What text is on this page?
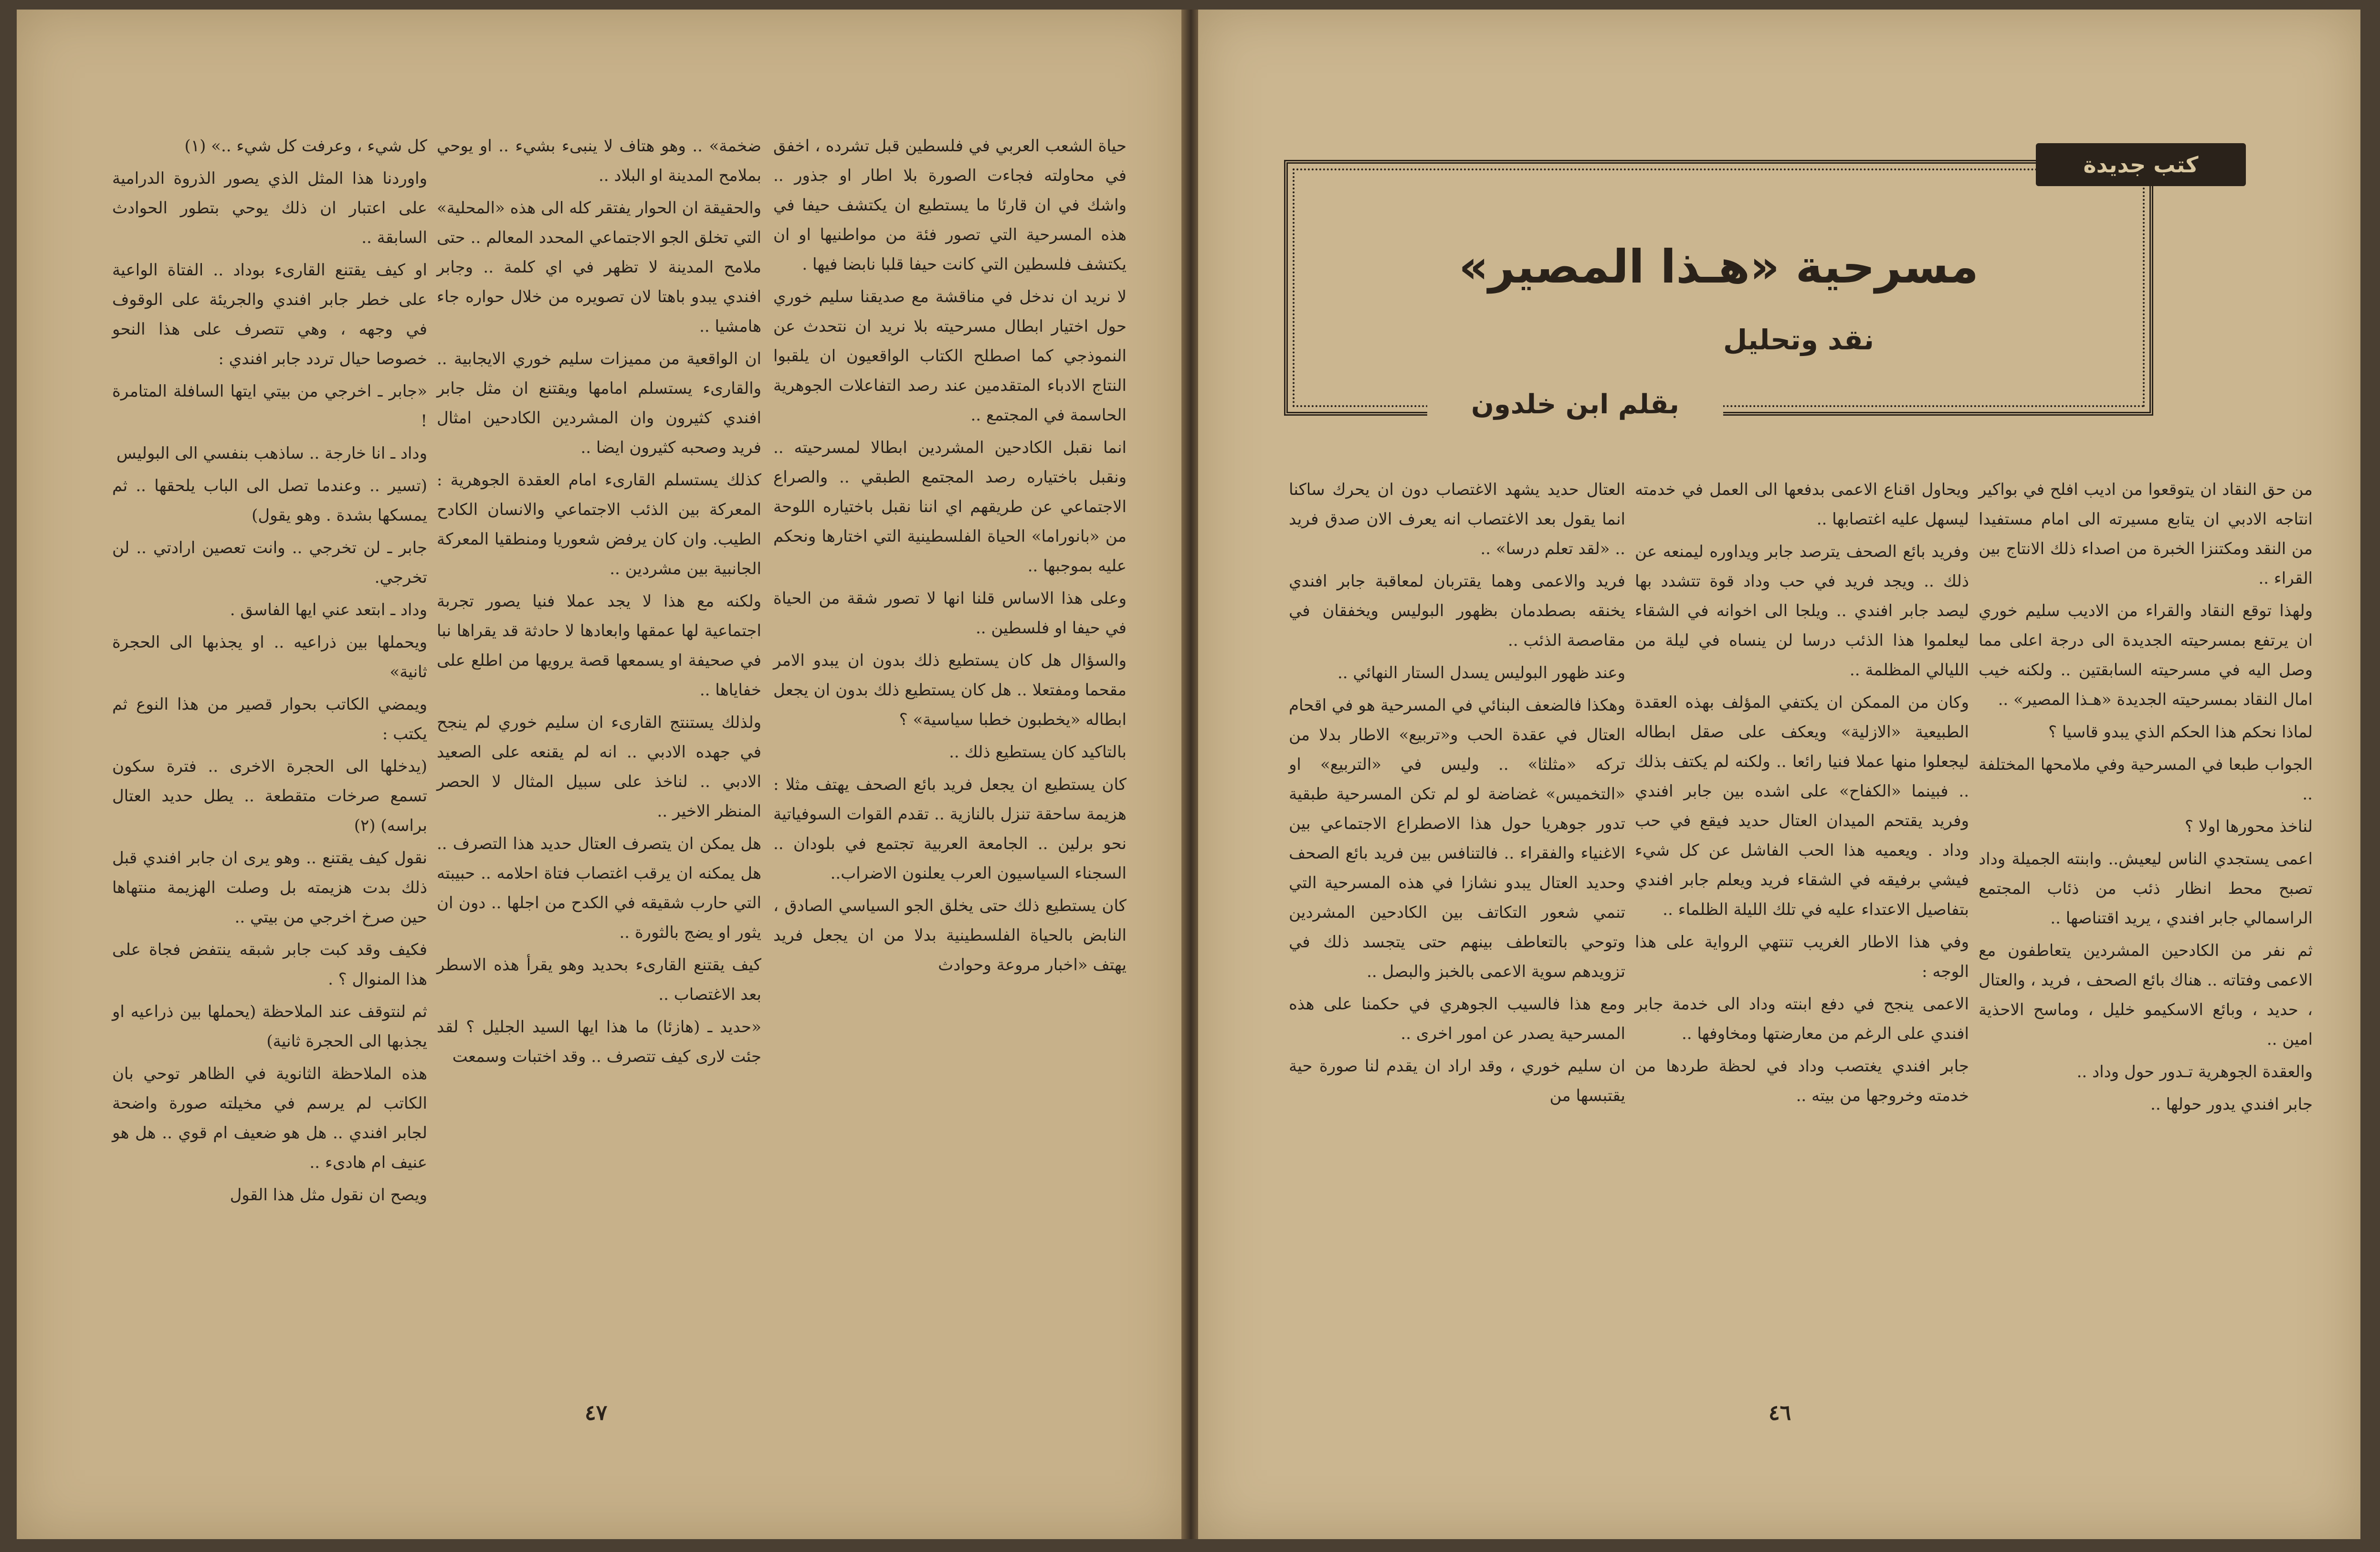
حياة الشعب العربي في فلسطين قبل تشرده ، اخفق في محاولته فجاءت الصورة بلا اطار او جذور .. واشك في ان قارئا ما يستطيع ان يكتشف حيفا في هذه المسرحية التي تصور فئة من مواطنيها او ان يكتشف فلسطين التي كانت حيفا قلبا نابضا فيها .

لا نريد ان ندخل في مناقشة مع صديقنا سليم خوري حول اختيار ابطال مسرحيته بلا نريد ان نتحدث عن النموذجي كما اصطلح الكتاب الواقعيون ان يلقبوا النتاج الادباء المتقدمين عند رصد التفاعلات الجوهرية الحاسمة في المجتمع ..

انما نقبل الكادحين المشردين ابطالا لمسرحيته .. ونقبل باختياره رصد المجتمع الطبقي .. والصراع الاجتماعي عن طريقهم اي اننا نقبل باختياره اللوحة من «بانوراما» الحياة الفلسطينية التي اختارها ونحكم عليه بموجبها ..

وعلى هذا الاساس قلنا انها لا تصور شقة من الحياة في حيفا او فلسطين ..

والسؤال هل كان يستطيع ذلك بدون ان يبدو الامر مقحما ومفتعلا .. هل كان يستطيع ذلك بدون ان يجعل ابطاله «يخطبون خطبا سياسية» ؟

بالتاكيد كان يستطيع ذلك ..

كان يستطيع ان يجعل فريد بائع الصحف يهتف مثلا : هزيمة ساحقة تنزل بالنازية .. تقدم القوات السوفياتية نحو برلين .. الجامعة العربية تجتمع في بلودان .. السجناء السياسيون العرب يعلنون الاضراب..

كان يستطيع ذلك حتى يخلق الجو السياسي الصادق ، النابض بالحياة الفلسطينية بدلا من ان يجعل فريد يهتف «اخبار مروعة وحوادث

ضخمة» .. وهو هتاف لا ينبىء بشيء .. او يوحي بملامح المدينة او البلاد ..

والحقيقة ان الحوار يفتقر كله الى هذه «المحلية» التي تخلق الجو الاجتماعي المحدد المعالم .. حتى ملامح المدينة لا تظهر في اي كلمة .. وجابر افندي يبدو باهتا لان تصويره من خلال حواره جاء هامشيا ..

ان الواقعية من مميزات سليم خوري الايجابية .. والقارىء يستسلم امامها ويقتنع ان مثل جابر افندي كثيرون وان المشردين الكادحين امثال فريد وصحبه كثيرون ايضا ..

كذلك يستسلم القارىء امام العقدة الجوهرية : المعركة بين الذئب الاجتماعي والانسان الكادح الطيب. وان كان يرفض شعوريا ومنطقيا المعركة الجانبية بين مشردين ..

ولكنه مع هذا لا يجد عملا فنيا يصور تجربة اجتماعية لها عمقها وابعادها لا حادثة قد يقراها نبا في صحيفة او يسمعها قصة يرويها من اطلع على خفاياها ..

ولذلك يستنتج القارىء ان سليم خوري لم ينجح في جهده الادبي .. انه لم يقنعه على الصعيد الادبي .. لناخذ على سبيل المثال لا الحصر المنظر الاخير ..

هل يمكن ان يتصرف العتال حديد هذا التصرف .. هل يمكنه ان يرقب اغتصاب فتاة احلامه .. حبيبته التي حارب شقيقه في الكدح من اجلها .. دون ان يثور او يضج بالثورة ..

كيف يقتنع القارىء بحديد وهو يقرأ هذه الاسطر بعد الاغتصاب ..

«حديد ـ (هازئا) ما هذا ايها السيد الجليل ؟ لقد جئت لارى كيف تتصرف .. وقد اختبات وسمعت

كل شيء ، وعرفت كل شيء ..» (١)

واوردنا هذا المثل الذي يصور الذروة الدرامية على اعتبار ان ذلك يوحي بتطور الحوادث السابقة ..

او كيف يقتنع القارىء بوداد .. الفتاة الواعية على خطر جابر افندي والجريئة على الوقوف في وجهه ، وهي تتصرف على هذا النحو خصوصا حيال تردد جابر افندي :

«جابر ـ اخرجي من بيتي ايتها السافلة المتامرة !

وداد ـ انا خارجة .. ساذهب بنفسي الى البوليس

(تسير .. وعندما تصل الى الباب يلحقها .. ثم يمسكها بشدة . وهو يقول)

جابر ـ لن تخرجي .. وانت تعصين ارادتي .. لن تخرجي.

وداد ـ ابتعد عني ايها الفاسق .

ويحملها بين ذراعيه .. او يجذبها الى الحجرة ثانية»

ويمضي الكاتب بحوار قصير من هذا النوع ثم يكتب :

(يدخلها الى الحجرة الاخرى .. فترة سكون تسمع صرخات متقطعة .. يطل حديد العتال براسه) (٢)

نقول كيف يقتنع .. وهو يرى ان جابر افندي قبل ذلك بدت هزيمته بل وصلت الهزيمة منتهاها حين صرخ اخرجي من بيتي ..

فكيف وقد كبت جابر شبقه ينتفض فجاة على هذا المنوال ؟ .

ثم لنتوقف عند الملاحظة (يحملها بين ذراعيه او يجذبها الى الحجرة ثانية)

هذه الملاحظة الثانوية في الظاهر توحي بان الكاتب لم يرسم في مخيلته صورة واضحة لجابر افندي .. هل هو ضعيف ام قوي .. هل هو عنيف ام هادىء ..

ويصح ان نقول مثل هذا القول

٤٧

من حق النقاد ان يتوقعوا من اديب افلح في بواكير انتاجه الادبي ان يتابع مسيرته الى امام مستفيدا من النقد ومكتنزا الخبرة من اصداء ذلك الانتاج بين القراء ..

ولهذا توقع النقاد والقراء من الاديب سليم خوري ان يرتفع بمسرحيته الجديدة الى درجة اعلى مما وصل اليه في مسرحيته السابقتين .. ولكنه خيب امال النقاد بمسرحيته الجديدة «هـذا المصير» ..

لماذا نحكم هذا الحكم الذي يبدو قاسيا ؟

الجواب طبعا في المسرحية وفي ملامحها المختلفة ..

لناخذ محورها اولا ؟

اعمى يستجدي الناس ليعيش.. وابنته الجميلة وداد تصبح محط انظار ذئب من ذئاب المجتمع الراسمالي جابر افندي ، يريد اقتناصها ..

ثم نفر من الكادحين المشردين يتعاطفون مع الاعمى وفتاته .. هناك بائع الصحف ، فريد ، والعتال ، حديد ، وبائع الاسكيمو خليل ، وماسح الاحذية امين ..

والعقدة الجوهرية تـدور حول وداد ..

جابر افندي يدور حولها ..

ويحاول اقناع الاعمى بدفعها الى العمل في خدمته ليسهل عليه اغتصابها ..

وفريد بائع الصحف يترصد جابر ويداوره ليمنعه عن ذلك .. ويجد فريد في حب وداد قوة تتشدد بها ليصد جابر افندي .. ويلجا الى اخوانه في الشقاء ليعلموا هذا الذئب درسا لن ينساه في ليلة من الليالي المظلمة ..

وكان من الممكن ان يكتفي المؤلف بهذه العقدة الطبيعية «الازلية» ويعكف على صقل ابطاله ليجعلوا منها عملا فنيا رائعا .. ولكنه لم يكتف بذلك .. فبينما «الكفاح» على اشده بين جابر افندي وفريد يقتحم الميدان العتال حديد فيقع في حب وداد . ويعميه هذا الحب الفاشل عن كل شيء فيشي برفيقه في الشقاء فريد ويعلم جابر افندي بتفاصيل الاعتداء عليه في تلك الليلة الظلماء ..

وفي هذا الاطار الغريب تنتهي الرواية على هذا الوجه :

الاعمى ينجح في دفع ابنته وداد الى خدمة جابر افندي على الرغم من معارضتها ومخاوفها ..

جابر افندي يغتصب وداد في لحظة طردها من خدمته وخروجها من بيته ..

العتال حديد يشهد الاغتصاب دون ان يحرك ساكنا انما يقول بعد الاغتصاب انه يعرف الان صدق فريد .. «لقد تعلم درسا» ..

فريد والاعمى وهما يقتربان لمعاقبة جابر افندي يخنقه بصطدمان بظهور البوليس ويخفقان في مقاصصة الذئب ..

وعند ظهور البوليس يسدل الستار النهائي ..

وهكذا فالضعف البنائي في المسرحية هو في اقحام العتال في عقدة الحب و«تربيع» الاطار بدلا من تركه «مثلثا» .. وليس في «التربيع» او «التخميس» غضاضة لو لم تكن المسرحية طبقية تدور جوهريا حول هذا الاصطراع الاجتماعي بين الاغنياء والفقراء .. فالتنافس بين فريد بائع الصحف وحديد العتال يبدو نشازا في هذه المسرحية التي تنمي شعور التكاتف بين الكادحين المشردين وتوحي بالتعاطف بينهم حتى يتجسد ذلك في تزويدهم سوية الاعمى بالخبز والبصل ..

ومع هذا فالسيب الجوهري في حكمنا على هذه المسرحية يصدر عن امور اخرى ..

ان سليم خوري ، وقد اراد ان يقدم لنا صورة حية يقتبسها من

٤٦
مسرحية «هـذا المصير»
نقد وتحليل
بقلم ابن خلدون
كتب جديدة
